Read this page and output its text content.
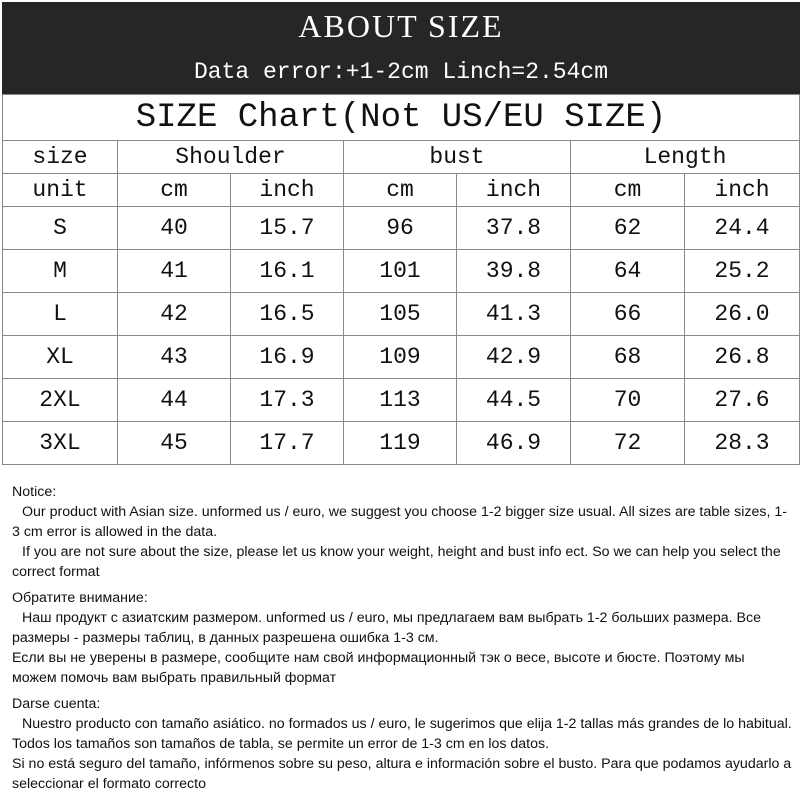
ABOUT SIZE
Data error:+1-2cm Linch=2.54cm
SIZE Chart(Not US/EU SIZE)						
size	Shoulder		bust		Length	
unit	cm	inch	cm	inch	cm	inch
S	40	15.7	96	37.8	62	24.4
M	41	16.1	101	39.8	64	25.2
L	42	16.5	105	41.3	66	26.0
XL	43	16.9	109	42.9	68	26.8
2XL	44	17.3	113	44.5	70	27.6
3XL	45	17.7	119	46.9	72	28.3

Notice:
Our product with Asian size. unformed us / euro, we suggest you choose 1-2 bigger size usual. All sizes are table sizes, 1-3 cm error is allowed in the data.
If you are not sure about the size, please let us know your weight, height and bust info ect. So we can help you select the correct format

Обратите внимание:
Наш продукт с азиатским размером. unformed us / euro, мы предлагаем вам выбрать 1-2 больших размера. Все размеры - размеры таблиц, в данных разрешена ошибка 1-3 см.
Если вы не уверены в размере, сообщите нам свой информационный тэк о весе, высоте и бюсте. Поэтому мы можем помочь вам выбрать правильный формат

Darse cuenta:
Nuestro producto con tamaño asiático. no formados us / euro, le sugerimos que elija 1-2 tallas más grandes de lo habitual. Todos los tamaños son tamaños de tabla, se permite un error de 1-3 cm en los datos.
Si no está seguro del tamaño, infórmenos sobre su peso, altura e información sobre el busto. Para que podamos ayudarlo a seleccionar el formato correcto
